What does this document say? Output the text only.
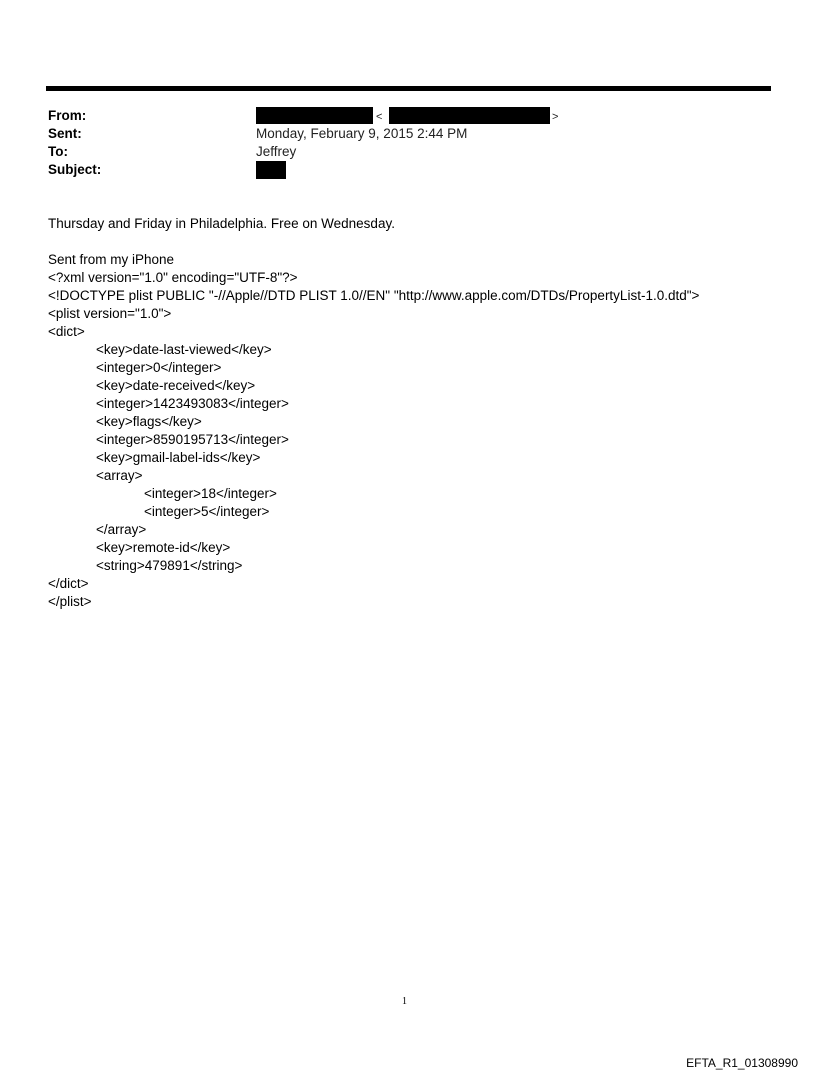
From:	<	>
Sent:	Monday, February 9, 2015 2:44 PM
To:	Jeffrey
Subject:
Thursday and Friday in Philadelphia. Free on Wednesday.
Sent from my iPhone
<?xml version="1.0" encoding="UTF-8"?>
<!DOCTYPE plist PUBLIC "-//Apple//DTD PLIST 1.0//EN" "http://www.apple.com/DTDs/PropertyList-1.0.dtd">
<plist version="1.0">
<dict>
<key>date-last-viewed</key>
<integer>0</integer>
<key>date-received</key>
<integer>1423493083</integer>
<key>flags</key>
<integer>8590195713</integer>
<key>gmail-label-ids</key>
<array>
<integer>18</integer>
<integer>5</integer>
</array>
<key>remote-id</key>
<string>479891</string>
</dict>
</plist>
1
EFTA_R1_01308990
